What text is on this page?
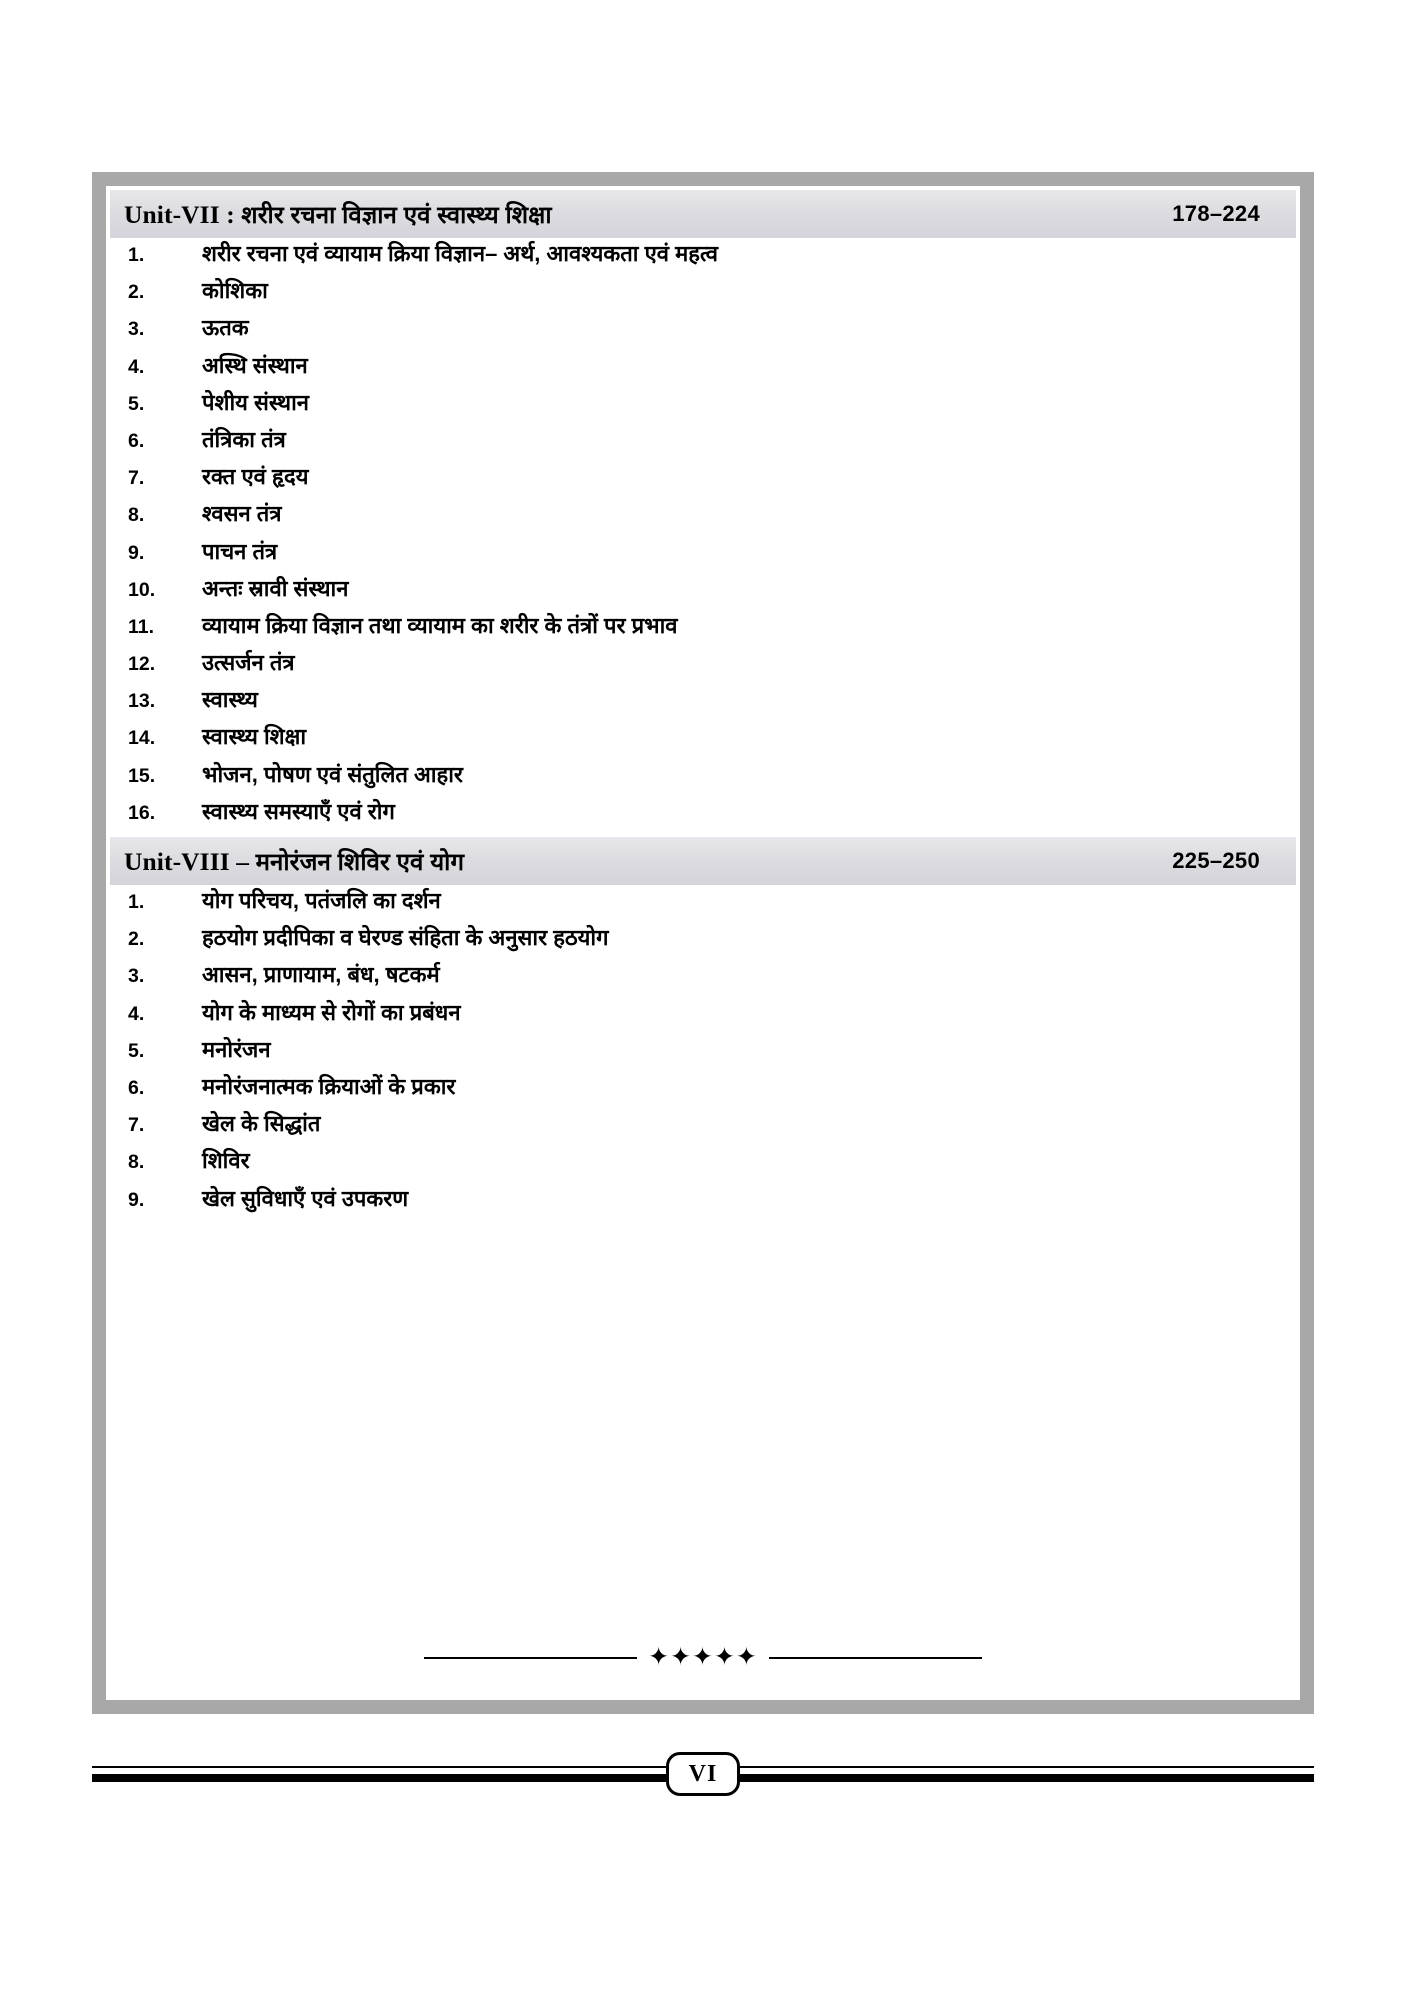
Unit-VII : शरीर रचना विज्ञान एवं स्वास्थ्य शिक्षा	178–224
1.	शरीर रचना एवं व्यायाम क्रिया विज्ञान– अर्थ, आवश्यकता एवं महत्व
2.	कोशिका
3.	ऊतक
4.	अस्थि संस्थान
5.	पेशीय संस्थान
6.	तंत्रिका तंत्र
7.	रक्त एवं हृदय
8.	श्वसन तंत्र
9.	पाचन तंत्र
10.	अन्तः स्रावी संस्थान
11.	व्यायाम क्रिया विज्ञान तथा व्यायाम का शरीर के तंत्रों पर प्रभाव
12.	उत्सर्जन तंत्र
13.	स्वास्थ्य
14.	स्वास्थ्य शिक्षा
15.	भोजन, पोषण एवं संतुलित आहार
16.	स्वास्थ्य समस्याएँ एवं रोग
Unit-VIII – मनोरंजन शिविर एवं योग	225–250
1.	योग परिचय, पतंजलि का दर्शन
2.	हठयोग प्रदीपिका व घेरण्ड संहिता के अनुसार हठयोग
3.	आसन, प्राणायाम, बंध, षटकर्म
4.	योग के माध्यम से रोगों का प्रबंधन
5.	मनोरंजन
6.	मनोरंजनात्मक क्रियाओं के प्रकार
7.	खेल के सिद्धांत
8.	शिविर
9.	खेल सुविधाएँ एवं उपकरण
✦✦✦✦✦
VI
